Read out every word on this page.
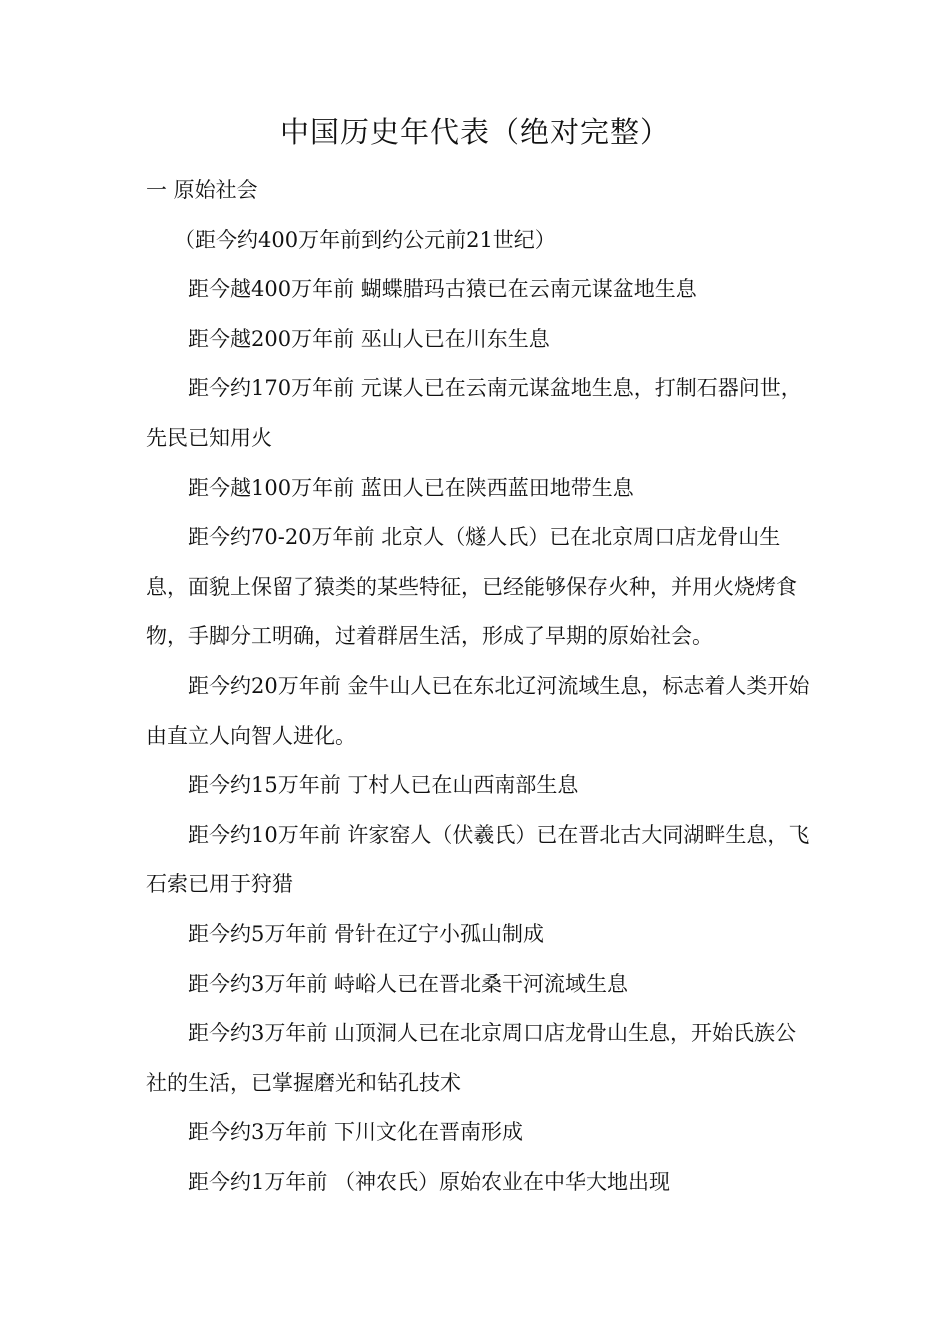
中国历史年代表（绝对完整）

一 原始社会

（距今约400万年前到约公元前21世纪）

距今越400万年前 蝴蝶腊玛古猿已在云南元谋盆地生息

距今越200万年前 巫山人已在川东生息

距今约170万年前 元谋人已在云南元谋盆地生息，打制石器问世，先民已知用火

距今越100万年前 蓝田人已在陕西蓝田地带生息

距今约70-20万年前 北京人（燧人氏）已在北京周口店龙骨山生息，面貌上保留了猿类的某些特征，已经能够保存火种，并用火烧烤食物，手脚分工明确，过着群居生活，形成了早期的原始社会。

距今约20万年前 金牛山人已在东北辽河流域生息，标志着人类开始由直立人向智人进化。

距今约15万年前 丁村人已在山西南部生息

距今约10万年前 许家窑人（伏羲氏）已在晋北古大同湖畔生息，飞石索已用于狩猎

距今约5万年前 骨针在辽宁小孤山制成

距今约3万年前 峙峪人已在晋北桑干河流域生息

距今约3万年前 山顶洞人已在北京周口店龙骨山生息，开始氏族公社的生活，已掌握磨光和钻孔技术

距今约3万年前 下川文化在晋南形成

距今约1万年前 （神农氏）原始农业在中华大地出现
